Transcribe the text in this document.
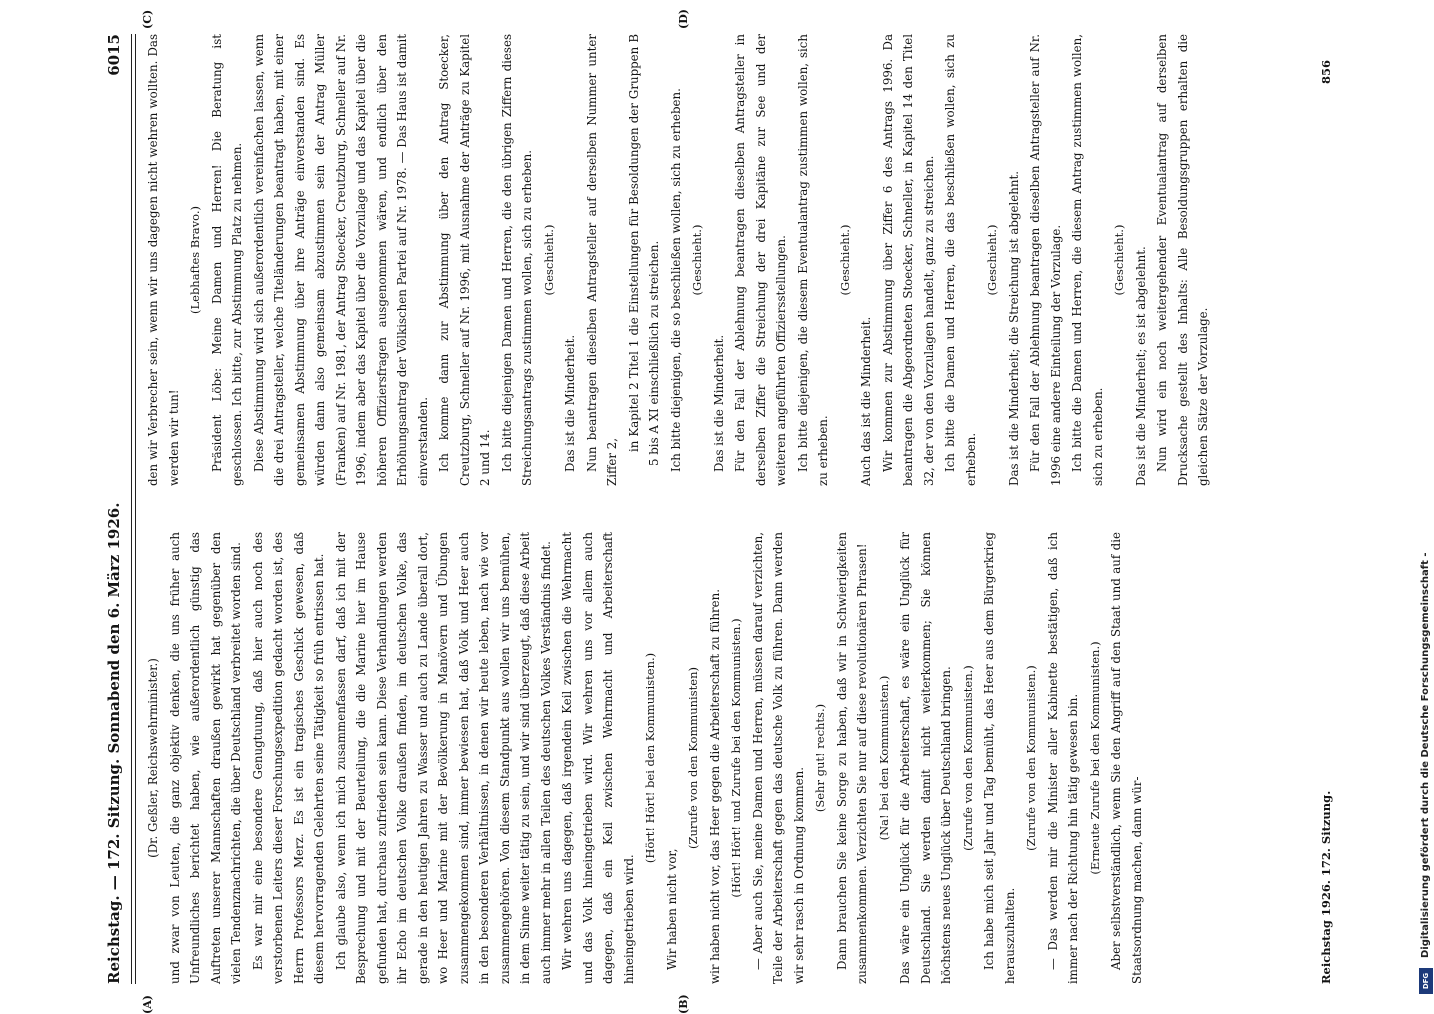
Reichstag. — 172. Sitzung. Sonnabend den 6. März 1926.
6015
(A)	(B)
(C)	(D)

(Dr. Geßler, Reichswehrminister.) und zwar von Leuten, die ganz objektiv denken, die uns früher auch Unfreundliches berichtet haben, wie außerordentlich günstig das Auftreten unserer Mannschaften draußen gewirkt hat gegenüber den vielen Tendenznachrichten, die über Deutschland verbreitet worden sind. Es war mir eine besondere Genugtuung, daß hier auch noch des verstorbenen Leiters dieser Forschungsexpedition gedacht worden ist, des Herrn Professors Merz. Es ist ein tragisches Geschick gewesen, daß diesem hervorragenden Gelehrten seine Tätigkeit so früh entrissen hat. Ich glaube also, wenn ich mich zusammenfassen darf, daß ich mit der Besprechung und mit der Beurteilung, die die Marine hier im Hause gefunden hat, durchaus zufrieden sein kann. Diese Verhandlungen werden ihr Echo im deutschen Volke draußen finden, im deutschen Volke, das gerade in den heutigen Jahren zu Wasser und auch zu Lande überall dort, wo Heer und Marine mit der Bevölkerung in Manövern und Übungen zusammengekommen sind, immer bewiesen hat, daß Volk und Heer auch in den besonderen Verhältnissen, in denen wir heute leben, nach wie vor zusammengehören. Von diesem Standpunkt aus wollen wir uns bemühen, in dem Sinne weiter tätig zu sein, und wir sind überzeugt, daß diese Arbeit auch immer mehr in allen Teilen des deutschen Volkes Verständnis findet. Wir wehren uns dagegen, daß irgendein Keil zwischen die Wehrmacht und das Volk hineingetrieben wird. Wir wehren uns vor allem auch dagegen, daß ein Keil zwischen Wehrmacht und Arbeiterschaft hineingetrieben wird.

(Hört! Hört! bei den Kommunisten.)

Wir haben nicht vor,

(Zurufe von den Kommunisten) wir haben nicht vor, das Heer gegen die Arbeiterschaft zu führen. (Hört! Hört! und Zurufe bei den Kommunisten.) — Aber auch Sie, meine Damen und Herren, müssen darauf verzichten, Teile der Arbeiterschaft gegen das deutsche Volk zu führen. Dann werden wir sehr rasch in Ordnung kommen.

(Sehr gut! rechts.) Dann brauchen Sie keine Sorge zu haben, daß wir in Schwierigkeiten zusammenkommen. Verzichten Sie nur auf diese revolutionären Phrasen! (Na! bei den Kommunisten.) Das wäre ein Unglück für die Arbeiterschaft, es wäre ein Unglück für Deutschland. Sie werden damit nicht weiterkommen; Sie können höchstens neues Unglück über Deutschland bringen. (Zurufe von den Kommunisten.) Ich habe mich seit Jahr und Tag bemüht, das Heer aus dem Bürgerkrieg herauszuhalten.

(Zurufe von den Kommunisten.) — Das werden mir die Minister aller Kabinette bestätigen, daß ich immer nach der Richtung hin tätig gewesen bin. (Erneute Zurufe bei den Kommunisten.) Aber selbstverständlich, wenn Sie den Angriff auf den Staat und auf die Staatsordnung machen, dann wür-

den wir Verbrecher sein, wenn wir uns dagegen nicht wehren wollten. Das werden wir tun!

(Lebhaftes Bravo.) Präsident Löbe: Meine Damen und Herren! Die Beratung ist geschlossen. Ich bitte, zur Abstimmung Platz zu nehmen. Diese Abstimmung wird sich außerordentlich vereinfachen lassen, wenn die drei Antragsteller, welche Titeländerungen beantragt haben, mit einer gemeinsamen Abstimmung über ihre Anträge einverstanden sind. Es würden dann also gemeinsam abzustimmen sein der Antrag Müller (Franken) auf Nr. 1981, der Antrag Stoecker, Creutzburg, Schneller auf Nr. 1996, indem aber das Kapitel über die Vorzulage und das Kapitel über die höheren Offiziersfragen ausgenommen wären, und endlich über den Erhöhungsantrag der Völkischen Partei auf Nr. 1978. — Das Haus ist damit einverstanden. Ich komme dann zur Abstimmung über den Antrag Stoecker, Creutzburg, Schneller auf Nr. 1996, mit Ausnahme der Anträge zu Kapitel 2 und 14. Ich bitte diejenigen Damen und Herren, die den übrigen Ziffern dieses Streichungsantrags zustimmen wollen, sich zu erheben. (Geschieht.)

Das ist die Minderheit. Nun beantragen dieselben Antragsteller auf derselben Nummer unter Ziffer 2,

in Kapitel 2 Titel 1 die Einstellungen für Besoldungen der Gruppen B 5 bis A XI einschließlich zu streichen. Ich bitte diejenigen, die so beschließen wollen, sich zu erheben. (Geschieht.)

Das ist die Minderheit. Für den Fall der Ablehnung beantragen dieselben Antragsteller in derselben Ziffer die Streichung der drei Kapitäne zur See und der weiteren angeführten Offiziersstellungen. Ich bitte diejenigen, die diesem Eventualantrag zustimmen wollen, sich zu erheben.

(Geschieht.)

Auch das ist die Minderheit. Wir kommen zur Abstimmung über Ziffer 6 des Antrags 1996. Da beantragen die Abgeordneten Stoecker, Schneller, in Kapitel 14 den Titel 32, der von den Vorzulagen handelt, ganz zu streichen. Ich bitte die Damen und Herren, die das beschließen wollen, sich zu erheben.

(Geschieht.) Das ist die Minderheit; die Streichung ist abgelehnt. Für den Fall der Ablehnung beantragen dieselben Antragsteller auf Nr. 1996 eine andere Einteilung der Vorzulage. Ich bitte die Damen und Herren, die diesem Antrag zustimmen wollen, sich zu erheben.

(Geschieht.) Das ist die Minderheit; es ist abgelehnt. Nun wird ein noch weitergehender Eventualantrag auf derselben Drucksache gestellt des Inhalts: Alle Besoldungsgruppen erhalten die gleichen Sätze der Vorzulage.

Reichstag 1926. 172. Sitzung.
856
Digitalisierung gefördert durch die Deutsche Forschungsgemeinschaft -
DFG
